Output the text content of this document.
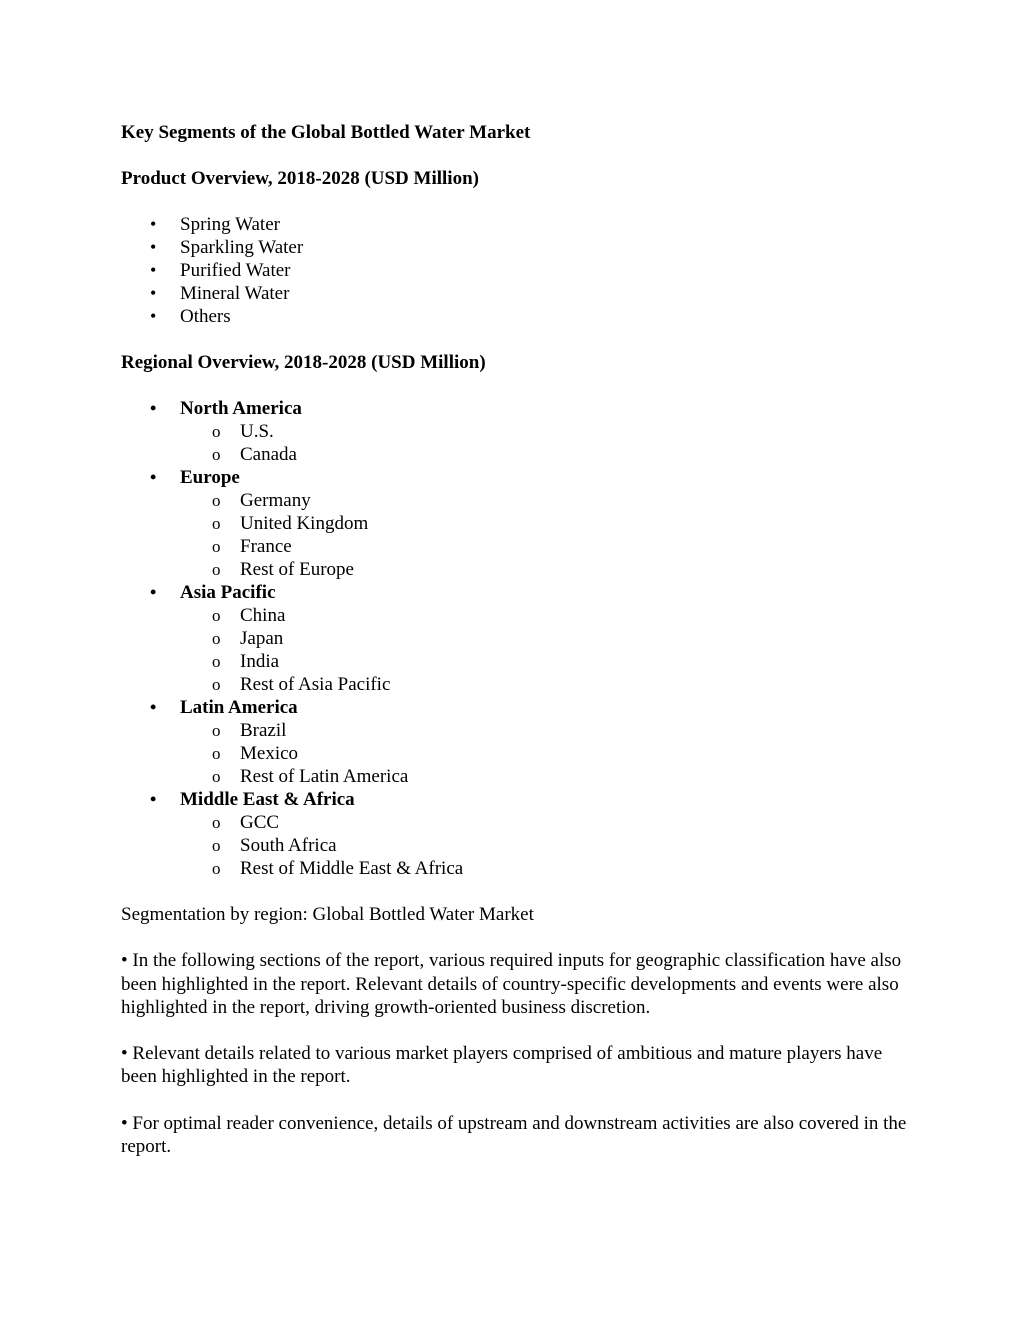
Key Segments of the Global Bottled Water Market
Product Overview, 2018-2028 (USD Million)
• Spring Water
• Sparkling Water
• Purified Water
• Mineral Water
• Others
Regional Overview, 2018-2028 (USD Million)
• North America
o U.S.
o Canada
• Europe
o Germany
o United Kingdom
o France
o Rest of Europe
• Asia Pacific
o China
o Japan
o India
o Rest of Asia Pacific
• Latin America
o Brazil
o Mexico
o Rest of Latin America
• Middle East & Africa
o GCC
o South Africa
o Rest of Middle East & Africa

Segmentation by region: Global Bottled Water Market

• In the following sections of the report, various required inputs for geographic classification have also been highlighted in the report. Relevant details of country-specific developments and events were also highlighted in the report, driving growth-oriented business discretion.

• Relevant details related to various market players comprised of ambitious and mature players have been highlighted in the report.

• For optimal reader convenience, details of upstream and downstream activities are also covered in the report.
